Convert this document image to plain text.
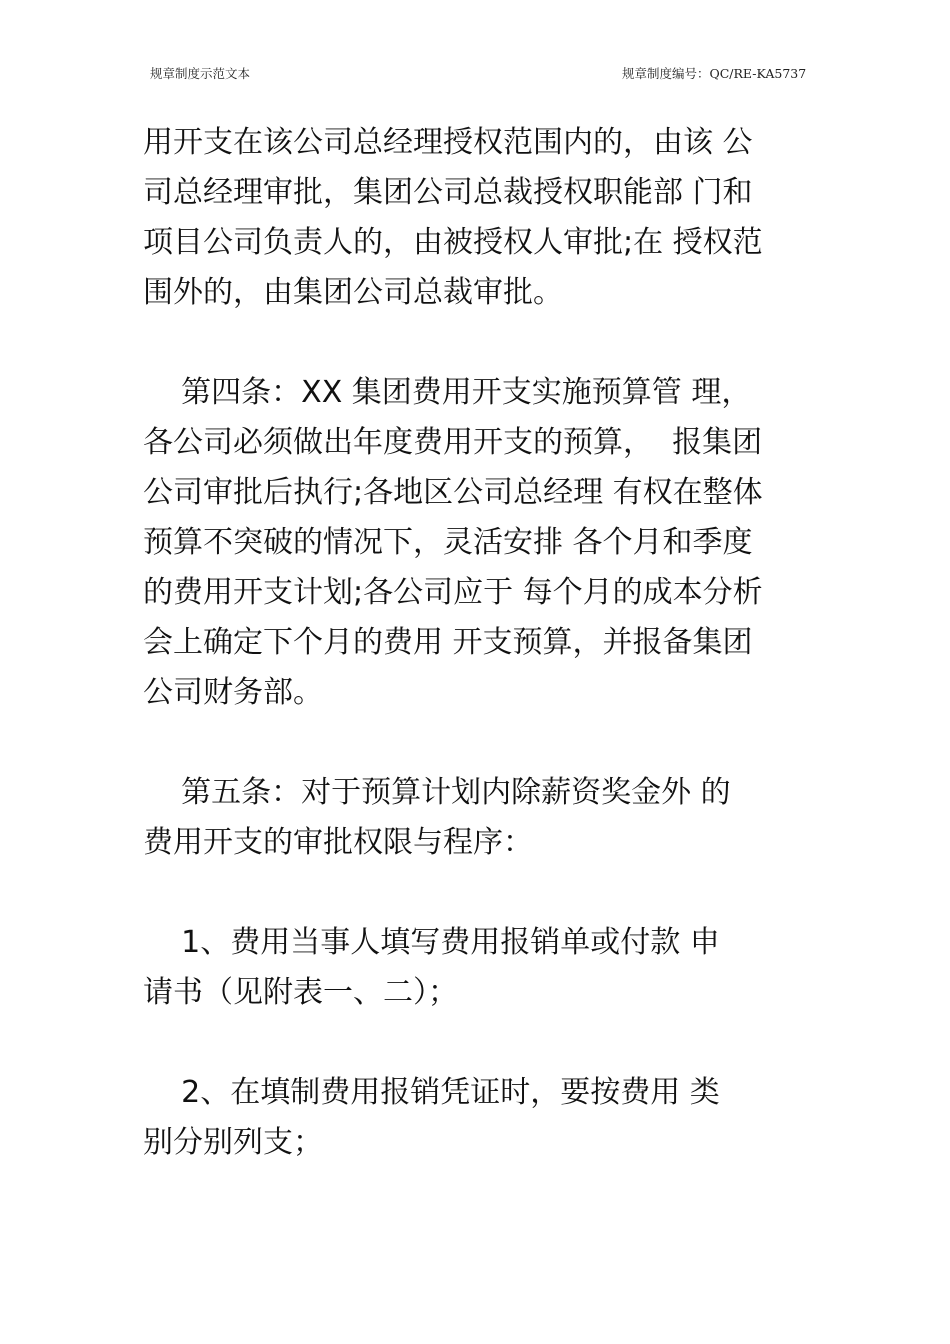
规章制度示范文本	规章制度编号：QC/RE-KA5737
用开支在该公司总经理授权范围内的，由该 公
司总经理审批，集团公司总裁授权职能部 门和
项目公司负责人的，由被授权人审批;在 授权范
围外的，由集团公司总裁审批。
第四条：XX 集团费用开支实施预算管 理，
各公司必须做出年度费用开支的预算，  报集团
公司审批后执行;各地区公司总经理 有权在整体
预算不突破的情况下，灵活安排 各个月和季度
的费用开支计划;各公司应于 每个月的成本分析
会上确定下个月的费用 开支预算，并报备集团
公司财务部。
第五条：对于预算计划内除薪资奖金外 的
费用开支的审批权限与程序：
1、费用当事人填写费用报销单或付款 申
请书（见附表一、二）；
2、在填制费用报销凭证时，要按费用 类
别分别列支；
